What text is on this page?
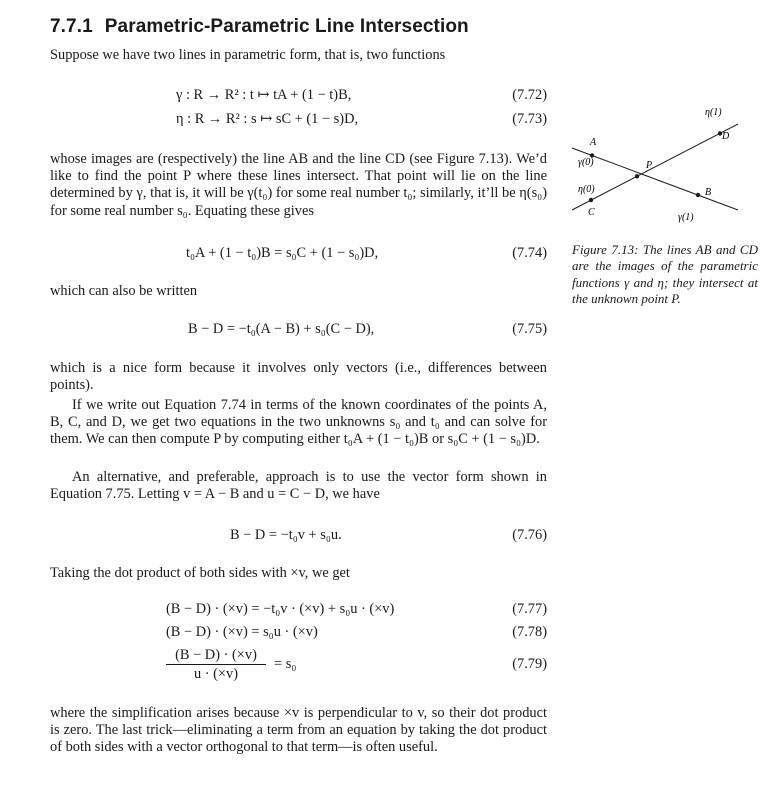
7.7.1 Parametric-Parametric Line Intersection
Suppose we have two lines in parametric form, that is, two functions
γ : R → R² : t ↦ tA + (1 − t)B,	(7.72)
η : R → R² : s ↦ sC + (1 − s)D,	(7.73)
whose images are (respectively) the line AB and the line CD (see Figure 7.13). We’d like to find the point P where these lines intersect. That point will lie on the line determined by γ, that is, it will be γ(t₀) for some real number t₀; similarly, it’ll be η(s₀) for some real number s₀. Equating these gives
t₀A + (1 − t₀)B = s₀C + (1 − s₀)D,	(7.74)
which can also be written
B − D = −t₀(A − B) + s₀(C − D),	(7.75)
which is a nice form because it involves only vectors (i.e., differences between points).
If we write out Equation 7.74 in terms of the known coordinates of the points A, B, C, and D, we get two equations in the two unknowns s₀ and t₀ and can solve for them. We can then compute P by computing either t₀A + (1 − t₀)B or s₀C + (1 − s₀)D.
An alternative, and preferable, approach is to use the vector form shown in Equation 7.75. Letting v = A − B and u = C − D, we have
B − D = −t₀v + s₀u.	(7.76)
Taking the dot product of both sides with ×v, we get
(B − D) · (×v) = −t₀v · (×v) + s₀u · (×v)	(7.77)
(B − D) · (×v) = s₀u · (×v)	(7.78)
$\frac{(B - D) \cdot (\times v)}{u \cdot (\times v)} = s_0$	(7.79)
where the simplification arises because ×v is perpendicular to v, so their dot product is zero. The last trick—eliminating a term from an equation by taking the dot product of both sides with a vector orthogonal to that term—is often useful.
A
γ(0)	P
η(0)
C
η(1)
D
B
γ(1)
Figure 7.13: The lines AB and CD are the images of the parametric functions γ and η; they intersect at the unknown point P.
